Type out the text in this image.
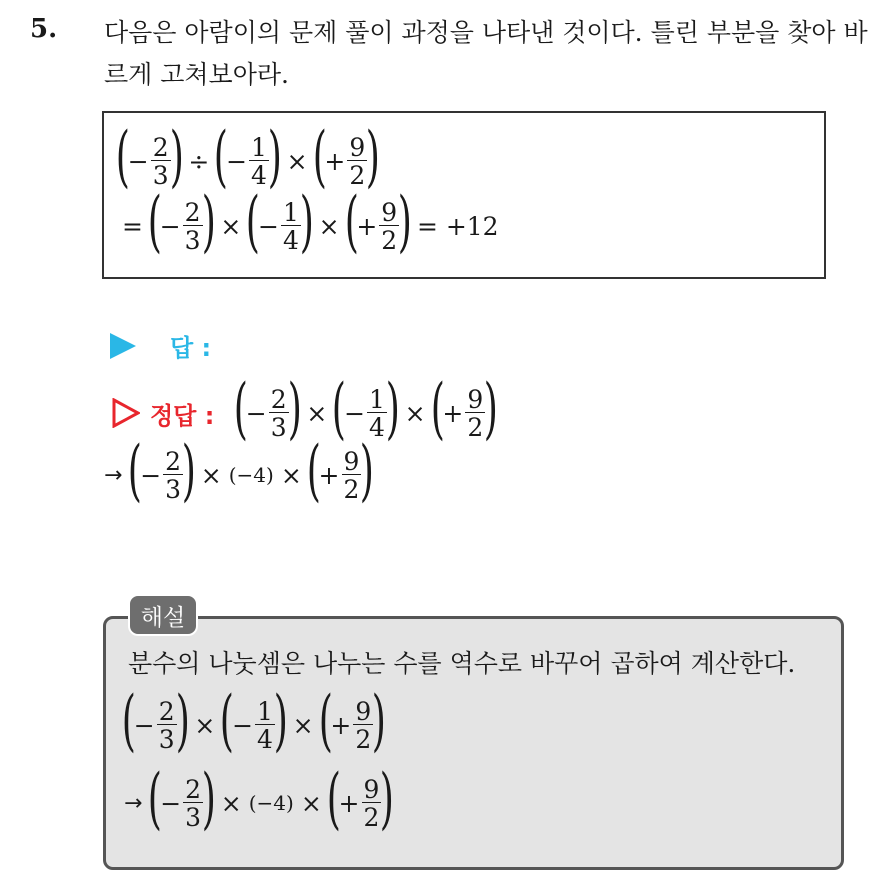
5. 다음은 아람이의 문제 풀이 과정을 나타낸 것이다. 틀린 부분을 찾아 바르게 고쳐보아라.
(
− $\frac{2}{3}$
) ÷ (
− $\frac{1}{4}$
) × (
+ $\frac{9}{2}$
)
= (
− $\frac{2}{3}$
) × (
− $\frac{1}{4}$
) × (
+ $\frac{9}{2}$
) = +12
답 :
정답 : (
− $\frac{2}{3}$
) × (
− $\frac{1}{4}$
) × (
+ $\frac{9}{2}$
)
→ (
− $\frac{2}{3}$
) × (−4) × (
+ $\frac{9}{2}$
)
해설
분수의 나눗셈은 나누는 수를 역수로 바꾸어 곱하여 계산한다.
(
− $\frac{2}{3}$
) × (
− $\frac{1}{4}$
) × (
+ $\frac{9}{2}$
)
→ (
− $\frac{2}{3}$
) × (−4) × (
+ $\frac{9}{2}$
)
